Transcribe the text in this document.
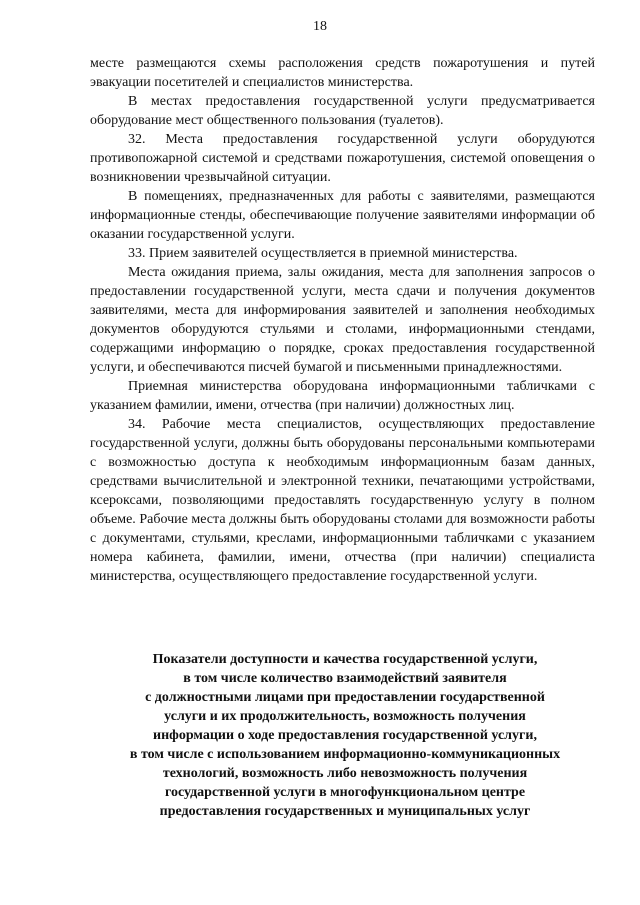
18

месте размещаются схемы расположения средств пожаротушения и путей эвакуации посетителей и специалистов министерства.

В местах предоставления государственной услуги предусматривается оборудование мест общественного пользования (туалетов).

32. Места предоставления государственной услуги оборудуются противопожарной системой и средствами пожаротушения, системой оповещения о возникновении чрезвычайной ситуации.

В помещениях, предназначенных для работы с заявителями, размещаются информационные стенды, обеспечивающие получение заявителями информации об оказании государственной услуги.

33. Прием заявителей осуществляется в приемной министерства.

Места ожидания приема, залы ожидания, места для заполнения запросов о предоставлении государственной услуги, места сдачи и получения документов заявителями, места для информирования заявителей и заполнения необходимых документов оборудуются стульями и столами, информационными стендами, содержащими информацию о порядке, сроках предоставления государственной услуги, и обеспечиваются писчей бумагой и письменными принадлежностями.

Приемная министерства оборудована информационными табличками с указанием фамилии, имени, отчества (при наличии) должностных лиц.

34. Рабочие места специалистов, осуществляющих предоставление государственной услуги, должны быть оборудованы персональными компьютерами с возможностью доступа к необходимым информационным базам данных, средствами вычислительной и электронной техники, печатающими устройствами, ксероксами, позволяющими предоставлять государственную услугу в полном объеме. Рабочие места должны быть оборудованы столами для возможности работы с документами, стульями, креслами, информационными табличками с указанием номера кабинета, фамилии, имени, отчества (при наличии) специалиста министерства, осуществляющего предоставление государственной услуги.

Показатели доступности и качества государственной услуги,
в том числе количество взаимодействий заявителя
с должностными лицами при предоставлении государственной
услуги и их продолжительность, возможность получения
информации о ходе предоставления государственной услуги,
в том числе с использованием информационно-коммуникационных
технологий, возможность либо невозможность получения
государственной услуги в многофункциональном центре
предоставления государственных и муниципальных услуг
